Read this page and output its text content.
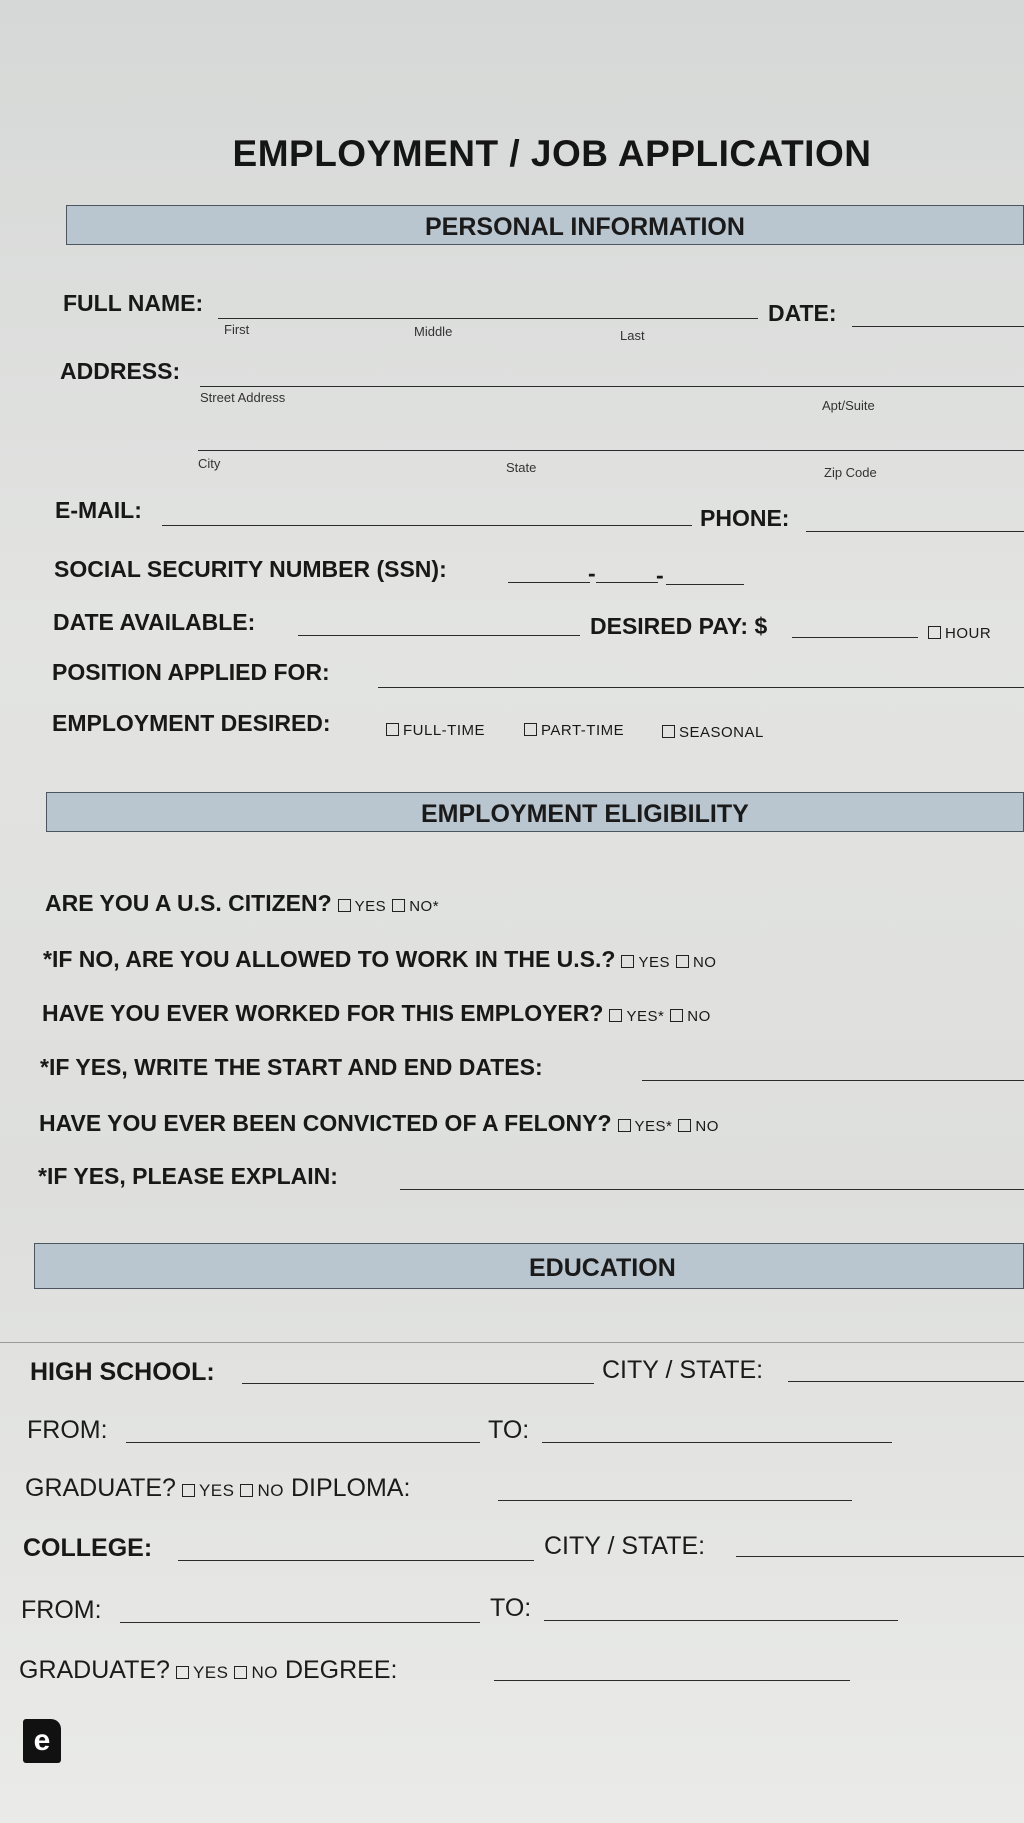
EMPLOYMENT / JOB APPLICATION
PERSONAL INFORMATION
FULL NAME:
First	Middle	Last
DATE:
ADDRESS:
Street Address
Apt/Suite
City	State	Zip Code
E-MAIL:	PHONE:
SOCIAL SECURITY NUMBER (SSN):	-	-
DATE AVAILABLE:	DESIRED PAY: $	HOUR
POSITION APPLIED FOR:
EMPLOYMENT DESIRED:	FULL-TIME	PART-TIME	SEASONAL
EMPLOYMENT ELIGIBILITY
ARE YOU A U.S. CITIZEN? YES NO*
*IF NO, ARE YOU ALLOWED TO WORK IN THE U.S.? YES NO
HAVE YOU EVER WORKED FOR THIS EMPLOYER? YES* NO
*IF YES, WRITE THE START AND END DATES:
HAVE YOU EVER BEEN CONVICTED OF A FELONY? YES* NO
*IF YES, PLEASE EXPLAIN:
EDUCATION
HIGH SCHOOL:	CITY / STATE:
FROM:	TO:
GRADUATE? YES NO DIPLOMA:
COLLEGE:	CITY / STATE:
FROM:	TO:
GRADUATE? YES NO DEGREE:
e
